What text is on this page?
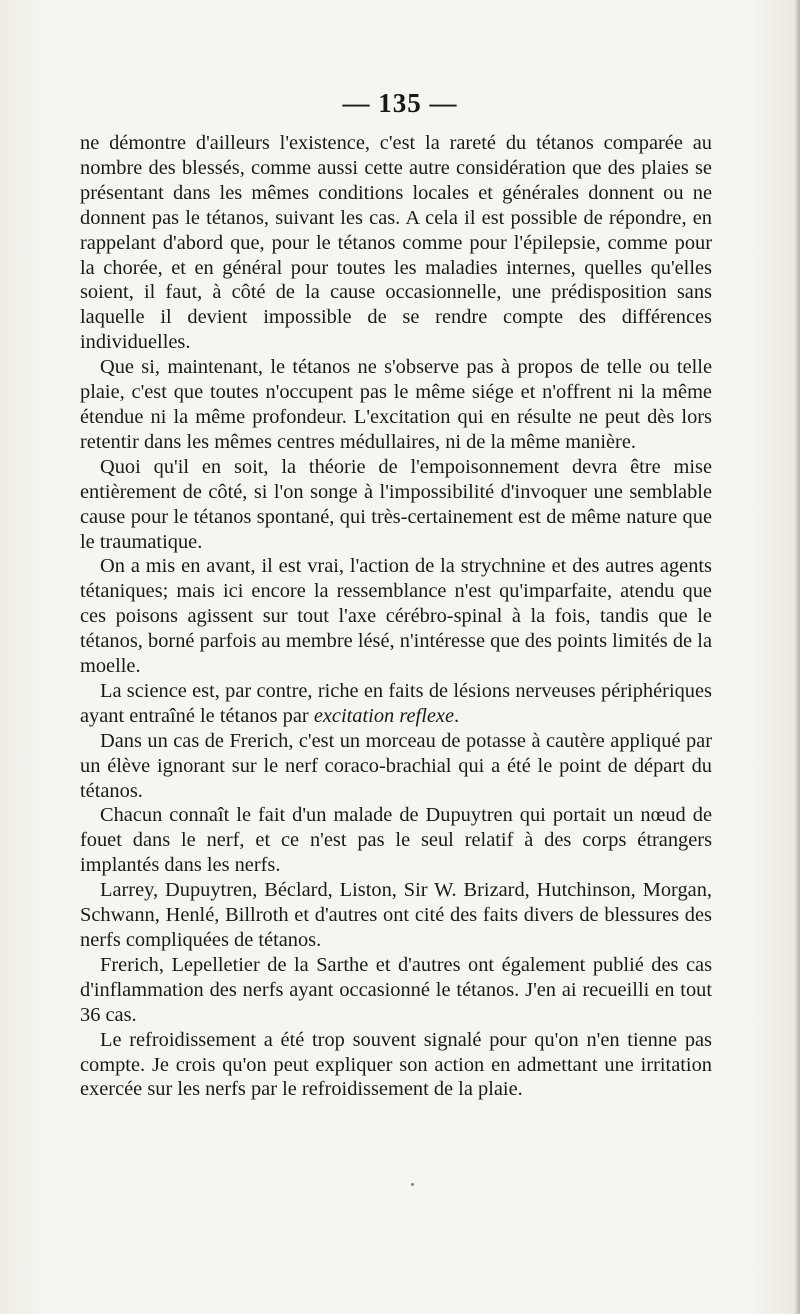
— 135 —

ne démontre d'ailleurs l'existence, c'est la rareté du tétanos comparée au nombre des blessés, comme aussi cette autre considération que des plaies se présentant dans les mêmes conditions locales et générales donnent ou ne donnent pas le tétanos, suivant les cas. A cela il est possible de répondre, en rappelant d'abord que, pour le tétanos comme pour l'épilepsie, comme pour la chorée, et en général pour toutes les maladies internes, quelles qu'elles soient, il faut, à côté de la cause occasionnelle, une prédisposition sans laquelle il devient impossible de se rendre compte des différences individuelles.

Que si, maintenant, le tétanos ne s'observe pas à propos de telle ou telle plaie, c'est que toutes n'occupent pas le même siége et n'offrent ni la même étendue ni la même profondeur. L'excitation qui en résulte ne peut dès lors retentir dans les mêmes centres médullaires, ni de la même manière.

Quoi qu'il en soit, la théorie de l'empoisonnement devra être mise entièrement de côté, si l'on songe à l'impossibilité d'invoquer une semblable cause pour le tétanos spontané, qui très-certainement est de même nature que le traumatique.

On a mis en avant, il est vrai, l'action de la strychnine et des autres agents tétaniques; mais ici encore la ressemblance n'est qu'imparfaite, atendu que ces poisons agissent sur tout l'axe cérébro-spinal à la fois, tandis que le tétanos, borné parfois au membre lésé, n'intéresse que des points limités de la moelle.

La science est, par contre, riche en faits de lésions nerveuses périphériques ayant entraîné le tétanos par excitation reflexe.

Dans un cas de Frerich, c'est un morceau de potasse à cautère appliqué par un élève ignorant sur le nerf coraco-brachial qui a été le point de départ du tétanos.

Chacun connaît le fait d'un malade de Dupuytren qui portait un nœud de fouet dans le nerf, et ce n'est pas le seul relatif à des corps étrangers implantés dans les nerfs.

Larrey, Dupuytren, Béclard, Liston, Sir W. Brizard, Hutchinson, Morgan, Schwann, Henlé, Billroth et d'autres ont cité des faits divers de blessures des nerfs compliquées de tétanos.

Frerich, Lepelletier de la Sarthe et d'autres ont également publié des cas d'inflammation des nerfs ayant occasionné le tétanos. J'en ai recueilli en tout 36 cas.

Le refroidissement a été trop souvent signalé pour qu'on n'en tienne pas compte. Je crois qu'on peut expliquer son action en admettant une irritation exercée sur les nerfs par le refroidissement de la plaie.
